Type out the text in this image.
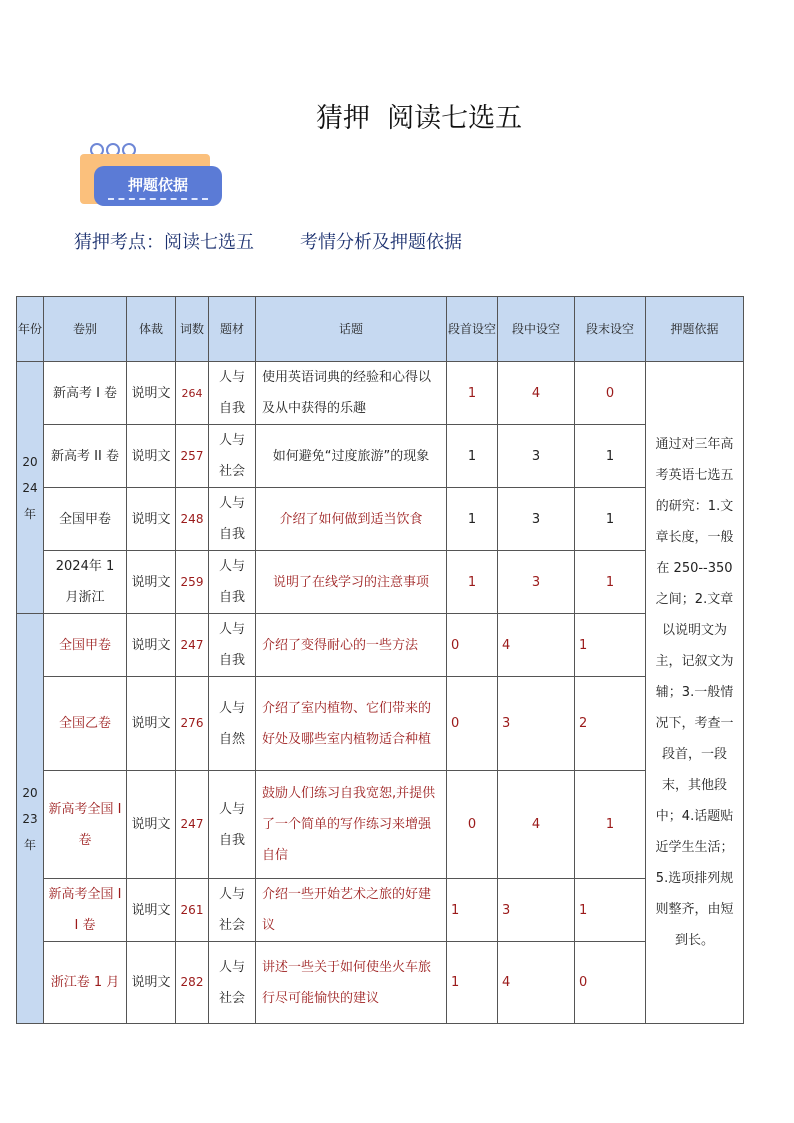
猜押  阅读七选五
押题依据
猜押考点：阅读七选五	考情分析及押题依据
年份	卷别	体裁	词数	题材	话题	段首设空	段中设空	段末设空	押题依据
2024年	新高考 I 卷	说明文	264	人与自我	使用英语词典的经验和心得以及从中获得的乐趣	1	4	0	通过对三年高考英语七选五的研究：1.文章长度，一般在 250--350 之间；2.文章以说明文为主，记叙文为辅；3.一般情况下，考查一段首，一段末，其他段中；4.话题贴近学生生活；5.选项排列规则整齐，由短到长。
	新高考 II 卷	说明文	257	人与社会	如何避免“过度旅游”的现象	1	3	1	
	全国甲卷	说明文	248	人与自我	介绍了如何做到适当饮食	1	3	1	
	2024年 1 月浙江	说明文	259	人与自我	说明了在线学习的注意事项	1	3	1	
2023年	全国甲卷	说明文	247	人与自我	介绍了变得耐心的一些方法	0	4	1	
	全国乙卷	说明文	276	人与自然	介绍了室内植物、它们带来的好处及哪些室内植物适合种植	0	3	2	
	新高考全国 I 卷	说明文	247	人与自我	鼓励人们练习自我宽恕,并提供了一个简单的写作练习来增强自信	0	4	1	
	新高考全国 II 卷	说明文	261	人与社会	介绍一些开始艺术之旅的好建议	1	3	1	
	浙江卷 1 月	说明文	282	人与社会	讲述一些关于如何使坐火车旅行尽可能愉快的建议	1	4	0	
